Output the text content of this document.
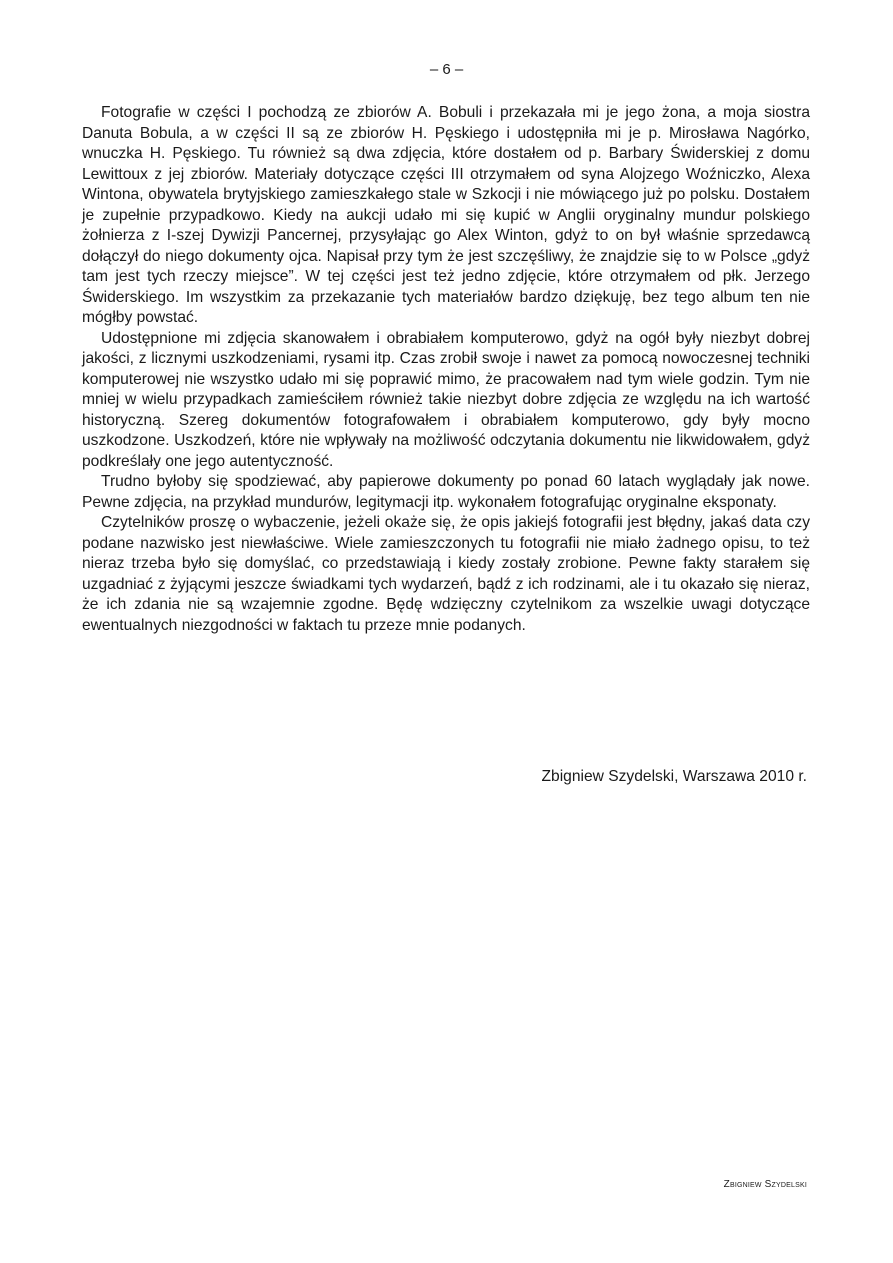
– 6 –

Fotografie w części I pochodzą ze zbiorów A. Bobuli i przekazała mi je jego żona, a moja siostra Danuta Bobula, a w części II są ze zbiorów H. Pęskiego i udostępniła mi je p. Mirosława Nagórko, wnuczka H. Pęskiego. Tu również są dwa zdjęcia, które dostałem od p. Barbary Świderskiej z domu Lewittoux z jej zbiorów. Materiały dotyczące części III otrzymałem od syna Alojzego Woźniczko, Alexa Wintona, obywatela brytyjskiego zamieszkałego stale w Szkocji i nie mówiącego już po polsku. Dostałem je zupełnie przypadkowo. Kiedy na aukcji udało mi się kupić w Anglii oryginalny mundur polskiego żołnierza z I-szej Dywizji Pancernej, przysyłając go Alex Winton, gdyż to on był właśnie sprzedawcą dołączył do niego dokumenty ojca. Napisał przy tym że jest szczęśliwy, że znajdzie się to w Polsce „gdyż tam jest tych rzeczy miejsce”. W tej części jest też jedno zdjęcie, które otrzymałem od płk. Jerzego Świderskiego. Im wszystkim za przekazanie tych materiałów bardzo dziękuję, bez tego album ten nie mógłby powstać.

Udostępnione mi zdjęcia skanowałem i obrabiałem komputerowo, gdyż na ogół były niezbyt dobrej jakości, z licznymi uszkodzeniami, rysami itp. Czas zrobił swoje i nawet za pomocą nowoczesnej techniki komputerowej nie wszystko udało mi się poprawić mimo, że pracowałem nad tym wiele godzin. Tym nie mniej w wielu przypadkach zamieściłem również takie niezbyt dobre zdjęcia ze względu na ich wartość historyczną. Szereg dokumentów fotografowałem i obrabiałem komputerowo, gdy były mocno uszkodzone. Uszkodzeń, które nie wpływały na możliwość odczytania dokumentu nie likwidowałem, gdyż podkreślały one jego autentyczność.

Trudno byłoby się spodziewać, aby papierowe dokumenty po ponad 60 latach wyglądały jak nowe. Pewne zdjęcia, na przykład mundurów, legitymacji itp. wykonałem fotografując oryginalne eksponaty.

Czytelników proszę o wybaczenie, jeżeli okaże się, że opis jakiejś fotografii jest błędny, jakaś data czy podane nazwisko jest niewłaściwe. Wiele zamieszczonych tu fotografii nie miało żadnego opisu, to też nieraz trzeba było się domyślać, co przedstawiają i kiedy zostały zrobione. Pewne fakty starałem się uzgadniać z żyjącymi jeszcze świadkami tych wydarzeń, bądź z ich rodzinami, ale i tu okazało się nieraz, że ich zdania nie są wzajemnie zgodne. Będę wdzięczny czytelnikom za wszelkie uwagi dotyczące ewentualnych niezgodności w faktach tu przeze mnie podanych.

Zbigniew Szydelski, Warszawa 2010 r.
Zbigniew Szydelski
